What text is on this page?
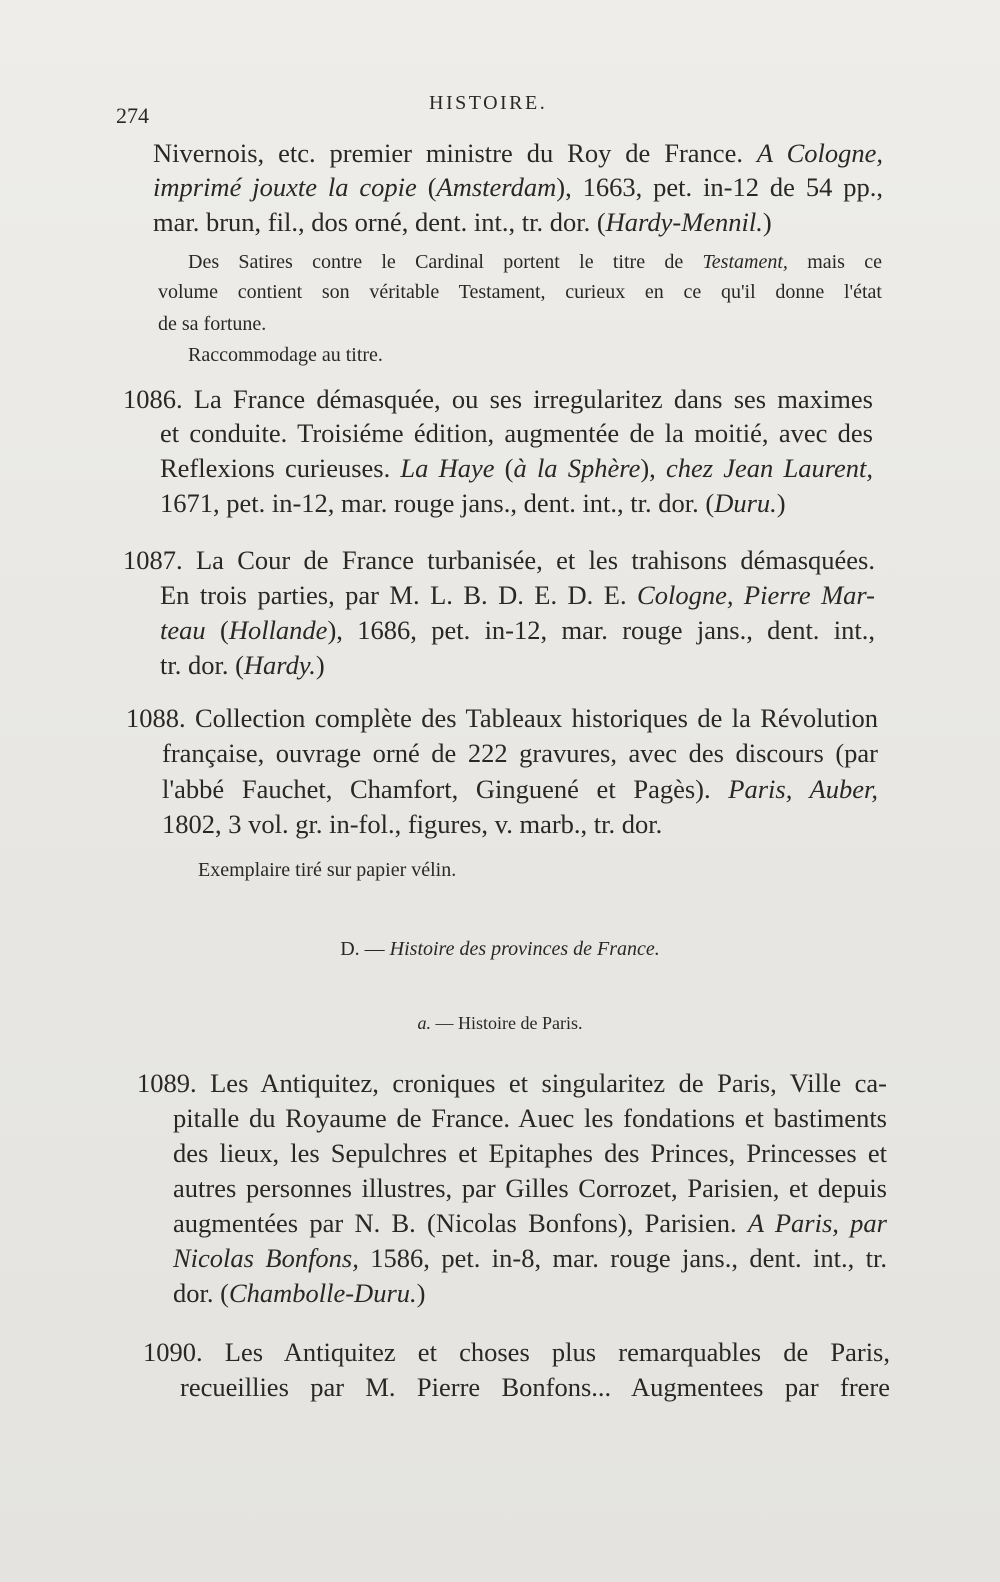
274	HISTOIRE.
Nivernois, etc. premier ministre du Roy de France. A Cologne,
imprimé jouxte la copie (Amsterdam), 1663, pet. in-12 de 54 pp.,
mar. brun, fil., dos orné, dent. int., tr. dor. (Hardy-Mennil.)
Des Satires contre le Cardinal portent le titre de Testament, mais ce
volume contient son véritable Testament, curieux en ce qu'il donne l'état
de sa fortune.
Raccommodage au titre.
1086. La France démasquée, ou ses irregularitez dans ses maximes
et conduite. Troisiéme édition, augmentée de la moitié, avec des
Reflexions curieuses. La Haye (à la Sphère), chez Jean Laurent,
1671, pet. in-12, mar. rouge jans., dent. int., tr. dor. (Duru.)
1087. La Cour de France turbanisée, et les trahisons démasquées.
En trois parties, par M. L. B. D. E. D. E. Cologne, Pierre Mar-
teau (Hollande), 1686, pet. in-12, mar. rouge jans., dent. int.,
tr. dor. (Hardy.)
1088. Collection complète des Tableaux historiques de la Révolution
française, ouvrage orné de 222 gravures, avec des discours (par
l'abbé Fauchet, Chamfort, Ginguené et Pagès). Paris, Auber,
1802, 3 vol. gr. in-fol., figures, v. marb., tr. dor.
Exemplaire tiré sur papier vélin.
1089. Les Antiquitez, croniques et singularitez de Paris, Ville ca-
pitalle du Royaume de France. Auec les fondations et bastiments
des lieux, les Sepulchres et Epitaphes des Princes, Princesses et
autres personnes illustres, par Gilles Corrozet, Parisien, et depuis
augmentées par N. B. (Nicolas Bonfons), Parisien. A Paris, par
Nicolas Bonfons, 1586, pet. in-8, mar. rouge jans., dent. int., tr.
dor. (Chambolle-Duru.)
1090. Les Antiquitez et choses plus remarquables de Paris,
recueillies par M. Pierre Bonfons... Augmentees par frere
D. — Histoire des provinces de France.
a. — Histoire de Paris.
